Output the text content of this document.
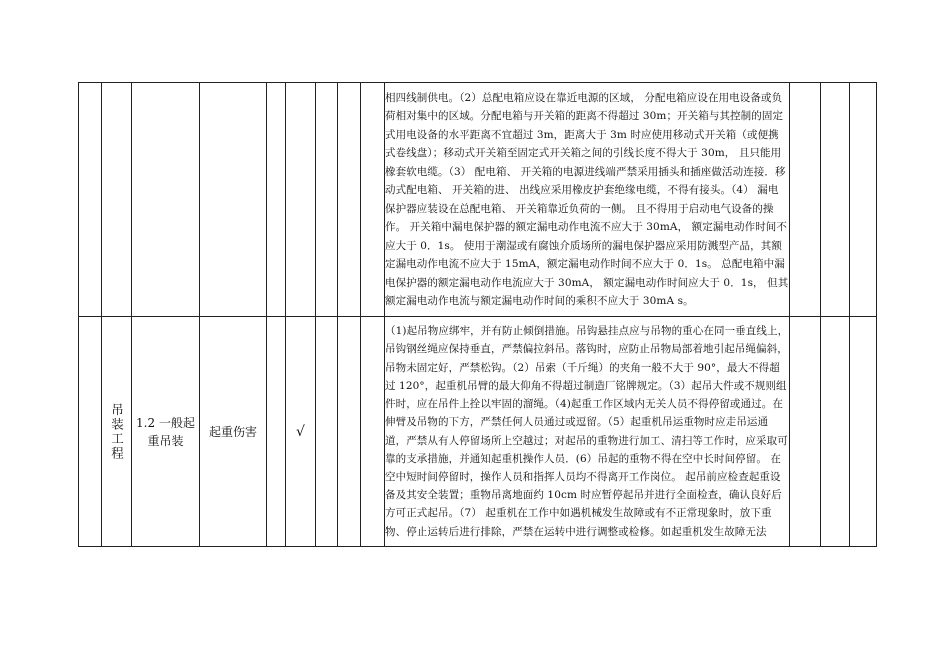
									相四线制供电。（2）总配电箱应设在靠近电源的区域， 分配电箱应设在用电设备或负荷相对集中的区域。分配电箱与开关箱的距离不得超过 30m；开关箱与其控制的固定式用电设备的水平距离不宜超过 3m，距离大于 3m 时应使用移动式开关箱（或便携式卷线盘）；移动式开关箱至固定式开关箱之间的引线长度不得大于 30m， 且只能用橡套软电缆。（3） 配电箱、 开关箱的电源进线端严禁采用插头和插座做活动连接．移动式配电箱、 开关箱的进、 出线应采用橡皮护套绝缘电缆，不得有接头。（4） 漏电保护器应装设在总配电箱、 开关箱靠近负荷的一侧。 且不得用于启动电气设备的操作。 开关箱中漏电保护器的额定漏电动作电流不应大于 30mA， 额定漏电动作时间不应大于 0．1s。 使用于潮湿或有腐蚀介质场所的漏电保护器应采用防溅型产品，其额定漏电动作电流不应大于 15mA，额定漏电动作时间不应大于 0．1s。 总配电箱中漏电保护器的额定漏电动作电流应大于 30mA， 额定漏电动作时间应大于 0．1s， 但其额定漏电动作电流与额定漏电动作时间的乘积不应大于 30mA s。			

	吊装工程	1.2 一般起重吊装	起重伤害		√				（1)起吊物应绑牢，并有防止倾倒措施。吊钩悬挂点应与吊物的重心在同一垂直线上，吊钩钢丝绳应保持垂直，严禁偏拉斜吊。落钩时，应防止吊物局部着地引起吊绳偏斜，吊物未固定好，严禁松钩。（2）吊索（千斤绳）的夹角一般不大于 90°，最大不得超过 120°，起重机吊臂的最大仰角不得超过制造厂铭牌规定。（3）起吊大件或不规则组件时，应在吊件上拴以牢固的溜绳。（4)起重工作区域内无关人员不得停留或通过。在伸臂及吊物的下方，严禁任何人员通过或逗留。（5）起重机吊运重物时应走吊运通道，严禁从有人停留场所上空越过；对起吊的重物进行加工、清扫等工作时，应采取可靠的支承措施，并通知起重机操作人员．(6）吊起的重物不得在空中长时间停留。 在空中短时间停留时，操作人员和指挥人员均不得离开工作岗位。 起吊前应检查起重设备及其安全装置；重物吊离地面约 10cm 时应暂停起吊并进行全面检查，确认良好后方可正式起吊。（7） 起重机在工作中如遇机械发生故障或有不正常现象时，放下重物、停止运转后进行排除，严禁在运转中进行调整或检修。如起重机发生故障无法			
